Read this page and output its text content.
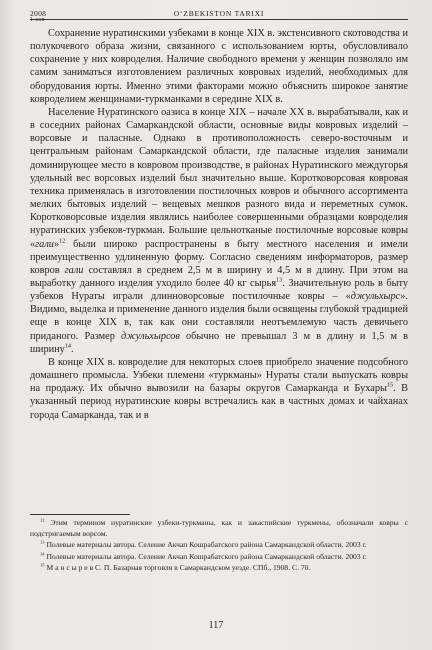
2008
1-son
O‘ZBEKISTON TARIXI

Сохранение нуратинскими узбеками в конце XIX в. экстенсивного скотоводства и полукочевого образа жизни, связанного с использованием юрты, обусловливало сохранение у них ковроделия. Наличие свободного времени у женщин позволяло им самим заниматься изготовлением различных ковровых изделий, необходимых для оборудования юрты. Именно этими факторами можно объяснить широкое занятие ковроделием женщинами-туркманками в середине XIX в.

Население Нуратинского оазиса в конце XIX – начале XX в. вырабатывали, как и в соседних районах Самаркандской области, основные виды ковровых изделий – ворсовые и паласные. Однако в противоположность северо-восточным и центральным районам Самаркандской области, где паласные изделия занимали доминирующее место в ковровом производстве, в районах Нуратинского междугорья удельный вес ворсовых изделий был значительно выше. Коротковорсовая ковровая техника применялась в изготовлении постилочных ковров и обычного ассортимента мелких бытовых изделий – вещевых мешков разного вида и переметных сумок. Коротковорсовые изделия являлись наиболее совершенными образцами ковроделия нуратинских узбеков-туркман. Большие цельнотканые постилочные ворсовые ковры «гали»$^{12}$ были широко распространены в быту местного населения и имели преимущественно удлиненную форму. Согласно сведениям информаторов, размер ковров гали составлял в среднем 2,5 м в ширину и 4,5 м в длину. При этом на выработку данного изделия уходило более 40 кг сырья$^{13}$. Значительную роль в быту узбеков Нураты играли длинноворсовые постилочные ковры – «джульхырс». Видимо, выделка и применение данного изделия были освящены глубокой традицией еще в конце XIX в, так как они составляли неотъемлемую часть девичьего приданого. Размер джульхырсов обычно не превышал 3 м в длину и 1,5 м в ширину$^{14}$.

В конце XIX в. ковроделие для некоторых слоев приобрело значение подсобного домашнего промысла. Узбеки племени «туркманы» Нураты стали выпускать ковры на продажу. Их обычно вывозили на базары округов Самарканда и Бухары$^{15}$. В указанный период нуратинские ковры встречались как в частных домах и чайханах города Самарканда, так и в

$^{12}$ Этим термином нуратинские узбеки-туркманы, как и закаспийские туркмены, обозначали ковры с подстригаемым ворсом.

$^{13}$ Полевые материалы автора. Селение Акчап Кошрабатского района Самаркандской области. 2003 г.

$^{14}$ Полевые материалы автора. Селение Акчап Кошрабатского района Самаркандской области. 2003 г.

$^{15}$ М а н с ы р е в С. П. Базарная торговля в Самаркандском уезде. СПб., 1908. С. 70.

117
